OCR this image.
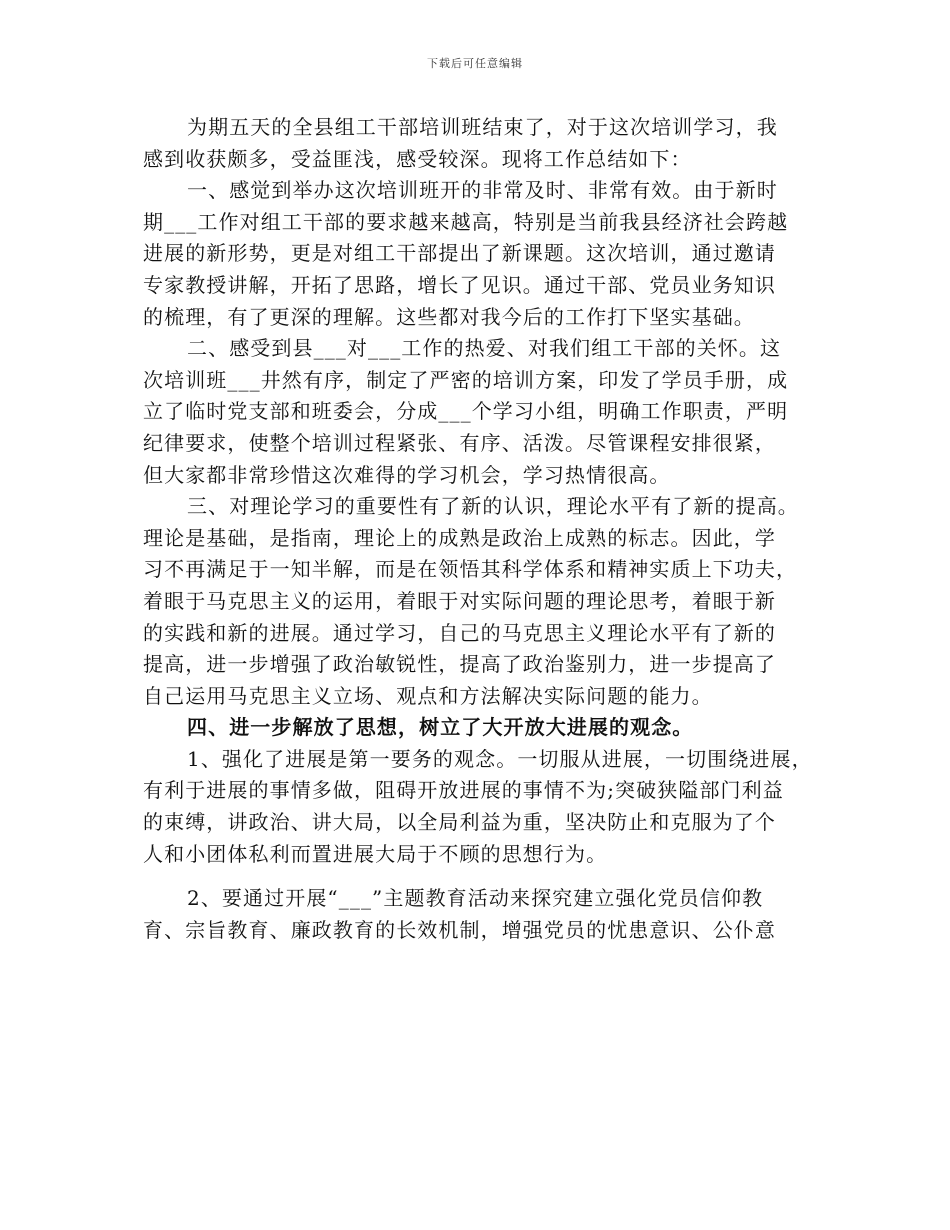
下载后可任意编辑
为期五天的全县组工干部培训班结束了，对于这次培训学习，我
感到收获颇多，受益匪浅，感受较深。现将工作总结如下：
一、感觉到举办这次培训班开的非常及时、非常有效。由于新时
期___工作对组工干部的要求越来越高，特别是当前我县经济社会跨越
进展的新形势，更是对组工干部提出了新课题。这次培训，通过邀请
专家教授讲解，开拓了思路，增长了见识。通过干部、党员业务知识
的梳理，有了更深的理解。这些都对我今后的工作打下坚实基础。
二、感受到县___对___工作的热爱、对我们组工干部的关怀。这
次培训班___井然有序，制定了严密的培训方案，印发了学员手册，成
立了临时党支部和班委会，分成___个学习小组，明确工作职责，严明
纪律要求，使整个培训过程紧张、有序、活泼。尽管课程安排很紧，
但大家都非常珍惜这次难得的学习机会，学习热情很高。
三、对理论学习的重要性有了新的认识，理论水平有了新的提高。
理论是基础，是指南，理论上的成熟是政治上成熟的标志。因此，学
习不再满足于一知半解，而是在领悟其科学体系和精神实质上下功夫，
着眼于马克思主义的运用，着眼于对实际问题的理论思考，着眼于新
的实践和新的进展。通过学习，自己的马克思主义理论水平有了新的
提高，进一步增强了政治敏锐性，提高了政治鉴别力，进一步提高了
自己运用马克思主义立场、观点和方法解决实际问题的能力。
四、进一步解放了思想，树立了大开放大进展的观念。
1、强化了进展是第一要务的观念。一切服从进展，一切围绕进展，
有利于进展的事情多做，阻碍开放进展的事情不为;突破狭隘部门利益
的束缚，讲政治、讲大局，以全局利益为重，坚决防止和克服为了个
人和小团体私利而置进展大局于不顾的思想行为。
2、要通过开展“___”主题教育活动来探究建立强化党员信仰教
育、宗旨教育、廉政教育的长效机制，增强党员的忧患意识、公仆意
